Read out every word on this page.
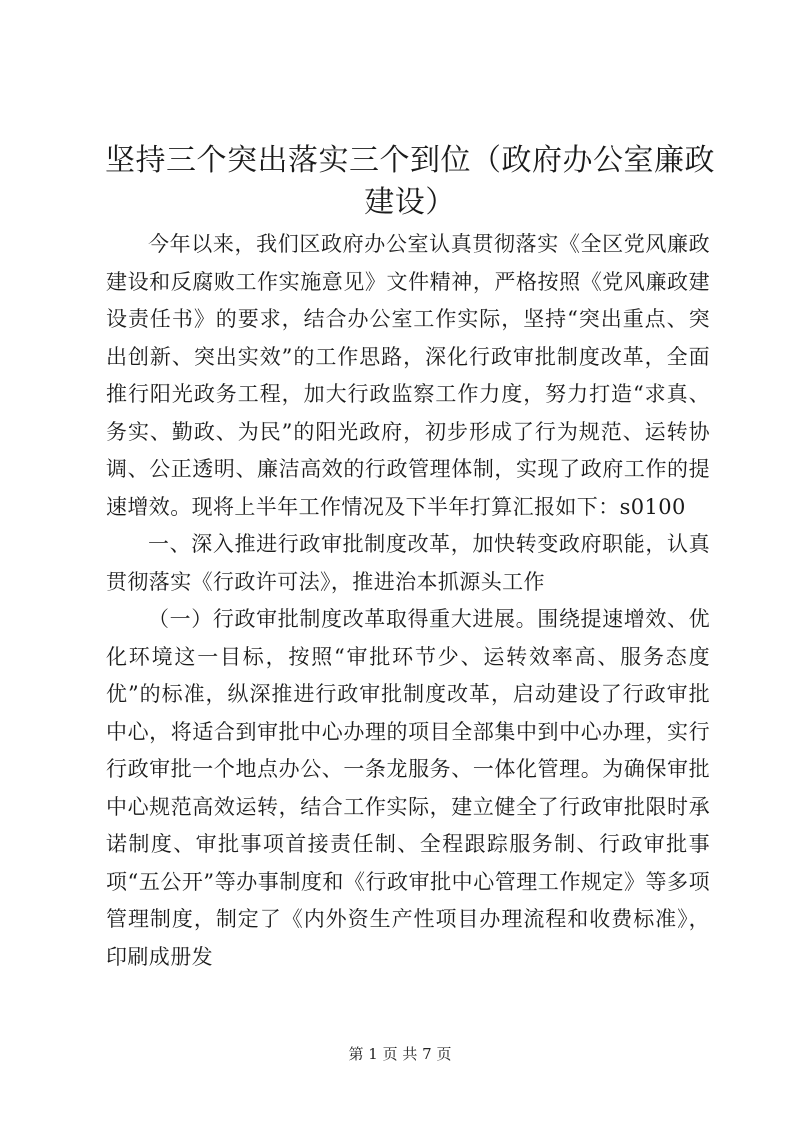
坚持三个突出落实三个到位（政府办公室廉政建设）

今年以来，我们区政府办公室认真贯彻落实《全区党风廉政建设和反腐败工作实施意见》文件精神，严格按照《党风廉政建设责任书》的要求，结合办公室工作实际，坚持“突出重点、突出创新、突出实效”的工作思路，深化行政审批制度改革，全面推行阳光政务工程，加大行政监察工作力度，努力打造“求真、务实、勤政、为民”的阳光政府，初步形成了行为规范、运转协调、公正透明、廉洁高效的行政管理体制，实现了政府工作的提速增效。现将上半年工作情况及下半年打算汇报如下：s0100

一、深入推进行政审批制度改革，加快转变政府职能，认真贯彻落实《行政许可法》，推进治本抓源头工作

（一）行政审批制度改革取得重大进展。围绕提速增效、优化环境这一目标，按照“审批环节少、运转效率高、服务态度优”的标准，纵深推进行政审批制度改革，启动建设了行政审批中心，将适合到审批中心办理的项目全部集中到中心办理，实行行政审批一个地点办公、一条龙服务、一体化管理。为确保审批中心规范高效运转，结合工作实际，建立健全了行政审批限时承诺制度、审批事项首接责任制、全程跟踪服务制、行政审批事项“五公开”等办事制度和《行政审批中心管理工作规定》等多项管理制度，制定了《内外资生产性项目办理流程和收费标准》，印刷成册发

第 1 页 共 7 页
